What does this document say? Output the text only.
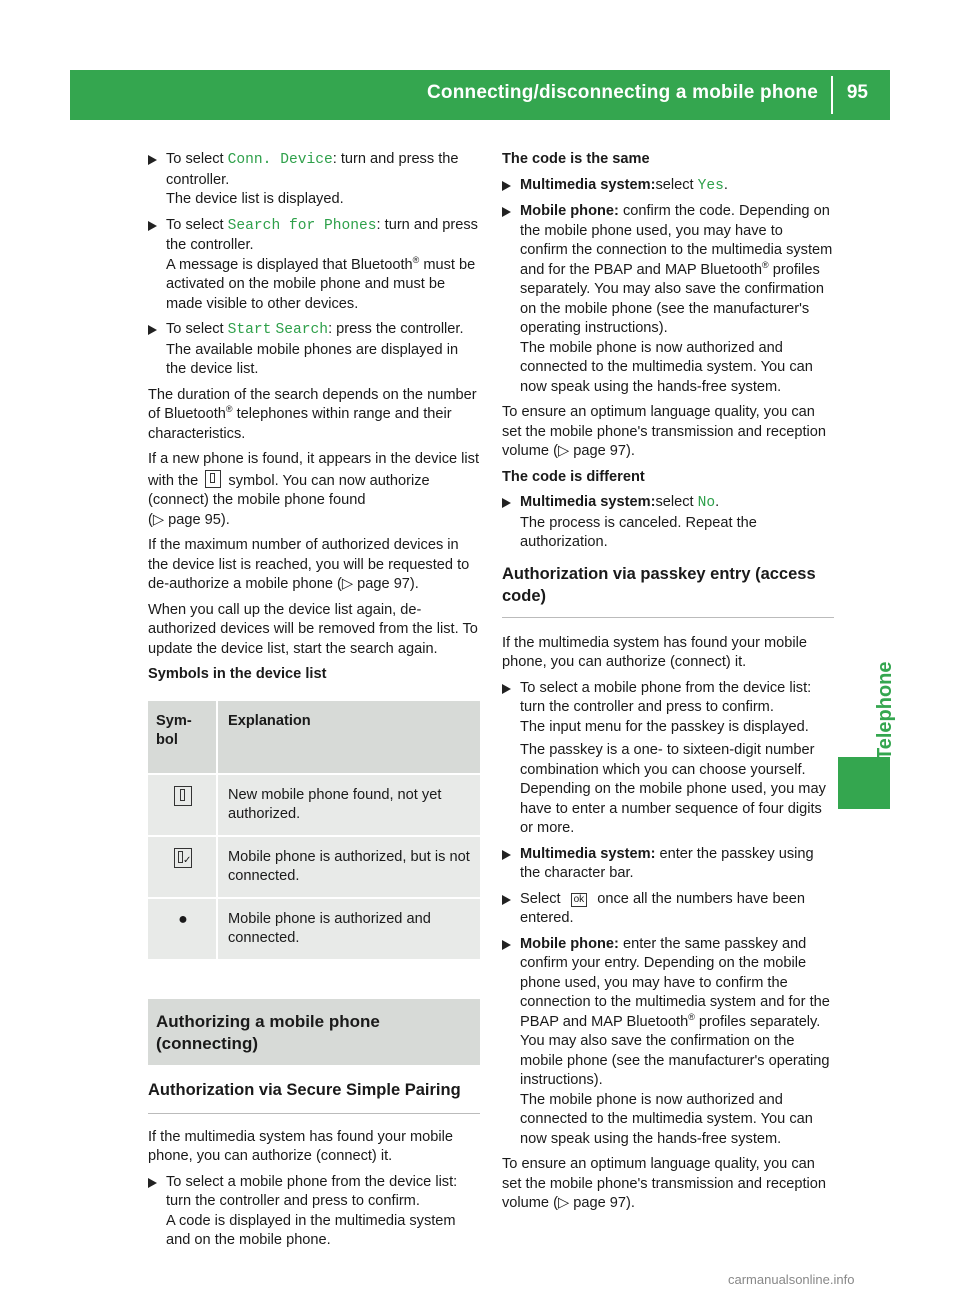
Connecting/disconnecting a mobile phone 95
Telephone
To select Conn. Device: turn and press the controller.
The device list is displayed.
To select Search for Phones: turn and press the controller.
A message is displayed that Bluetooth® must be activated on the mobile phone and must be made visible to other devices.
To select Start Search: press the controller.
The available mobile phones are displayed in the device list.

The duration of the search depends on the number of Bluetooth® telephones within range and their characteristics.

If a new phone is found, it appears in the device list with the
symbol. You can now authorize (connect) the mobile phone found
(▷ page 95).

If the maximum number of authorized devices in the device list is reached, you will be requested to de-authorize a mobile phone (▷ page 97).

When you call up the device list again, de-authorized devices will be removed from the list. To update the device list, start the search again.

Symbols in the device list

Sym-
bol
Explanation
New mobile phone found, not yet authorized.
✓	Mobile phone is authorized, but is not connected.
●	Mobile phone is authorized and connected.
Authorizing a mobile phone (connecting)
Authorization via Secure Simple Pairing

If the multimedia system has found your mobile phone, you can authorize (connect) it.

To select a mobile phone from the device list: turn the controller and press to confirm.
A code is displayed in the multimedia system and on the mobile phone.

The code is the same

Multimedia system:select Yes.
Mobile phone: confirm the code. Depending on the mobile phone used, you may have to confirm the connection to the multimedia system and for the PBAP and MAP Bluetooth® profiles separately. You may also save the confirmation on the mobile phone (see the manufacturer's operating instructions).
The mobile phone is now authorized and connected to the multimedia system. You can now speak using the hands-free system.

To ensure an optimum language quality, you can set the mobile phone's transmission and reception volume (▷ page 97).

The code is different

Multimedia system:select No.
The process is canceled. Repeat the authorization.
Authorization via passkey entry (access code)

If the multimedia system has found your mobile phone, you can authorize (connect) it.

To select a mobile phone from the device list: turn the controller and press to confirm.
The input menu for the passkey is displayed.
The passkey is a one- to sixteen-digit number combination which you can choose yourself. Depending on the mobile phone used, you may have to enter a number sequence of four digits or more.
Multimedia system: enter the passkey using the character bar.
Select ok once all the numbers have been entered.
Mobile phone: enter the same passkey and confirm your entry. Depending on the mobile phone used, you may have to confirm the connection to the multimedia system and for the PBAP and MAP Bluetooth® profiles separately. You may also save the confirmation on the mobile phone (see the manufacturer's operating instructions).
The mobile phone is now authorized and connected to the multimedia system. You can now speak using the hands-free system.

To ensure an optimum language quality, you can set the mobile phone's transmission and reception volume (▷ page 97).

carmanualsonline.info
